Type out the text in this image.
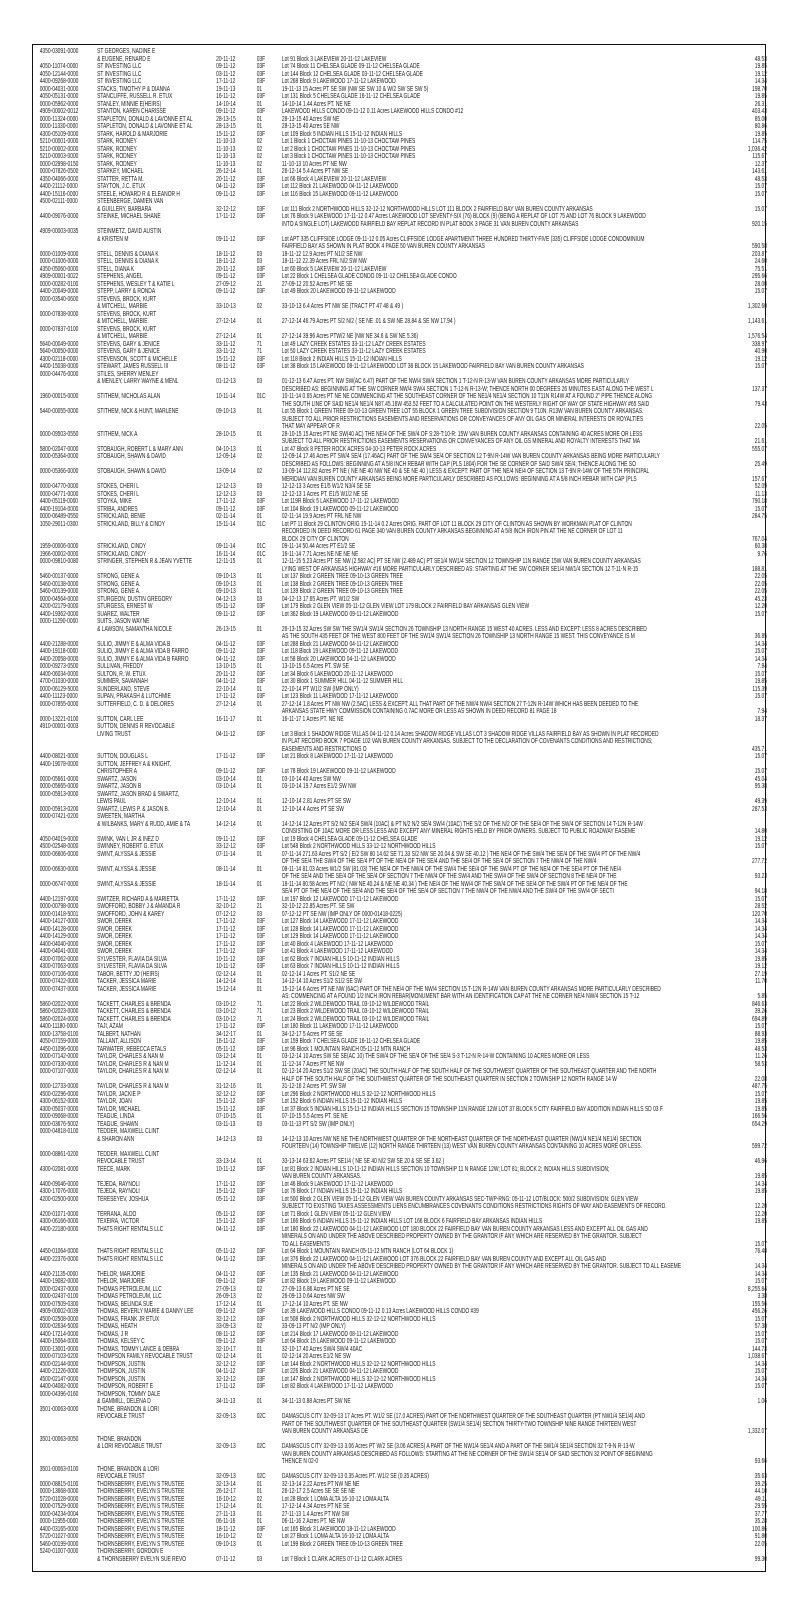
4350-03091-0000	ST GEORGES, NADINE E
& EUGENE, RENARD E	20-11-12	03F	Lot 91 Block 3 LAKEVIEW 20-11-12 LAKEVIEW	48.53
4050-11074-0000	ST INVESTING LLC	09-11-12	03F	Lot 74 Block 11 CHELSEA GLADE 09-11-12 CHELSEA GLADE	19.85
4050-12144-0000	ST INVESTING LLC	03-11-12	03F	Lot 144 Block 12 CHELSEA GLADE 03-11-12 CHELSEA GLADE	19.12
4400-09268-0000	ST INVESTING LLC	17-11-12	03F	Lot 268 Block 9 LAKEWOOD 17-11-12 LAKEWOOD	14.34
0000-04031-0000	STACKS, TIMOTHY P & DIANNA	19-11-13	01	19-11-13 15 Acres PT SE SW (NW SE SW 10 & W/2 SW SE SW 5)	198.70
4050-05131-0000	STANCLIFFE, RUSSELL R. ETUX	16-11-12	03F	Lot 131 Block 5 CHELSEA GLADE 16-11-12 CHELSEA GLADE	19.85
0000-05962-0000	STANLEY, MINNIE E(HEIRS)	14-10-14	01	14-10-14 1.44 Acres PT. NE NE	26.31
4909-00002-0012	STANTON, KAREN CHARISSE	09-11-12	03F	LAKEWOOD HILLS CONDO 09-11-12 0.11 Acres LAKEWOOD HILLS CONDO #12	403.43
0000-11324-0000	STAPLETON, DONALD & LAVONNE ET AL	28-13-15	01	28-13-15 40 Acres SW NE	85.00
0000-11330-0000	STAPLETON, DONALD & LAVONNE ET AL	28-13-15	01	28-13-15 40 Acres SE NW	80.86
4300-05109-0000	STARK, HAROLD & MARJORIE	15-11-12	03F	Lot 109 Block 5 INDIAN HILLS 15-11-12 INDIAN HILLS	19.85
5210-00001-0000	STARK, RODNEY	11-10-13	02	Lot 1 Block 1 CHOCTAW PINES 11-10-13 CHOCTAW PINES	114.75
5210-00002-0000	STARK, RODNEY	11-10-13	02	Lot 2 Block 1 CHOCTAW PINES 11-10-13 CHOCTAW PINES	1,036.42
5210-00003-0000	STARK, RODNEY	11-10-13	02	Lot 3 Block 1 CHOCTAW PINES 11-10-13 CHOCTAW PINES	115.67
0000-02998-0150	STARK, RODNEY	11-10-13	02	11-10-13 10 Acres PT NE NW	12.37
0000-07826-0500	STARKEY, MICHAEL	26-12-14	01	26-12-14 5.4 Acres PT NW SE	143.61
4350-04066-0000	STATTER, RETTA M.	20-11-12	03F	Lot 66 Block 4 LAKEVIEW 20-11-12 LAKEVIEW	48.53
4400-21112-0000	STAYTON, J.C. ETUX	04-11-12	03F	Lot 112 Block 21 LAKEWOOD 04-11-12 LAKEWOOD	15.07
4400-15116-0000	STEELE, HOWARD R & ELEANOR H	09-11-12	03F	Lot 116 Block 15 LAKEWOOD 09-11-12 LAKEWOOD	15.07
4500-02111-0000	STEENBERGE, DAMIEN VAN
& GUILLERY, BARBARA	32-12-12	03F	Lot 111 Block 2 NORTHWOOD HILLS 32-12-12 NORTHWOOD HILLS LOT 111 BLOCK 2 FAIRFIELD BAY VAN BUREN COUNTY ARKANSAS	15.07
4400-09076-0000	STEINKE, MICHAEL SHANE	17-11-12	03F	Lot 76 Block 9 LAKEWOOD 17-11-12 0.47 Acres LAKEWOOD LOT SEVENTY-SIX (76) BLOCK (9) (BEING A REPLAT OF LOT 75 AND LOT 76 BLOCK 9 LAKEWOOD
INTO A SINGLE LOT) LAKEWOOD FAIRFIELD BAY REPLAT RECORD IN PLAT BOOK 3 PAGE 31 VAN BUREN COUNTY ARKANSAS	920.15
4909-00003-0035	STEINMETZ, DAVID AUSTIN
& KRISTEN M	09-11-12	03F	Lot APT 335 CLIFFSIDE LODGE 09-11-12 0.05 Acres CLIFFSIDE LODGE APARTMENT THREE HUNDRED THIRTY-FIVE (335) CLIFFSIDE LODGE CONDOMINIUM
FAIRFIELD BAY AS SHOWN IN PLAT BOOK 4 PAGE 50 VAN BUREN COUNTY ARKANSAS	590.58
0000-01009-0000	STELL, DENNIS & DIANA K	18-11-12	03	18-11-12 12.9 Acres PT N1/2 SE NW	203.87
0000-01006-0000	STELL, DENNIS & DIANA K	18-11-12	03	18-11-12 22.39 Acres FRL N/2 SW NW	24.60
4350-05060-0000	STELL, DIANA K	20-11-12	03F	Lot 60 Block 5 LAKEVIEW 20-11-12 LAKEVIEW	75.51
4909-00001-0022	STEPHENS, ANGEL	09-11-12	03F	Lot 22 Block 1 CHELSEA GLADE CONDO 09-11-12 CHELSEA GLADE CONDO	295.66
0000-00282-0100	STEPHENS, WESLEY T & KATIE L	27-09-12	21	27-09-12 20.52 Acres PT NE SE	28.00
4400-20049-0000	STEPP, LARRY & RONDA	09-11-12	03F	Lot 49 Block 20 LAKEWOOD 09-11-12 LAKEWOOD	15.07
0000-03540-0600	STEVENS, BROCK, KURT
& MITCHELL, MARBIE	33-10-13	02	33-10-13 6.4 Acres PT NW SE (TRACT PT 47 48 & 49 )	1,302.60
0000-07838-0000	STEVENS, BROCK, KURT
& MITCHELL, MARBIE	27-12-14	01	27-12-14 46.79 Acres PT S/2 N/2 ( SE NE .01 & SW NE 28.84 & SE NW 17.94 )	1,143.61
0000-07837-0100	STEVENS, BROCK, KURT
& MITCHELL, MARBIE	27-12-14	01	27-12-14 39.96 Acres PTW/2 NE (NW NE 34.6 & SW NE 5.36)	1,576.54
5640-00049-0000	STEVENS, GARY & JENICE	33-11-12	71	Lot 49 LAZY CREEK ESTATES 33-11-12 LAZY CREEK ESTATES	338.97
5640-00050-0000	STEVENS, GARY & JENICE	33-11-12	71	Lot 50 LAZY CREEK ESTATES 33-11-12 LAZY CREEK ESTATES	40.90
4300-02118-0000	STEVENSON, SCOTT & MICHELLE	15-11-12	03F	Lot 118 Block 2 INDIAN HILLS 15-11-12 INDIAN HILLS	19.12
4400-15038-0000	STEWART, JAMES RUSSELL III	08-11-12	03F	Lot 38 Block 15 LAKEWOOD 08-11-12 LAKEWOOD LOT 38 BLOCK 15 LAKEWOOD FAIRFIELD BAY VAN BUREN COUNTY ARKANSAS	15.07
0000-04476-0000	STILES, SHERRY MENLEY
& MENLEY, LARRY WAYNE & MENL	01-12-13	03	01-12-13 6.47 Acres PT. NW SW(AC 6.47) PART OF THE NW/4 SW/4 SECTION 1 T-12-N R-13-W VAN BUREN COUNTY ARKANSAS MORE PARTICULARLY
DESCRIBED AS: BEGINNING AT THE SW CORNER NW/4 SW/4 SECTION 1 T-12-N R-13-W; THENCE NORTH 00 DEGREES 26 MINUTES EAST ALONG THE WEST L	137.37
1960-00015-0000	STITHEM, NICHOLAS ALAN	10-11-14	01C	10-11-14 0.65 Acres PT NE NE COMMENCING AT THE SOUTHEAST CORNER OF THE NE1/4 NE1/4 SECTION 10 T11N R14W AT A FOUND 2" PIPE THENCE ALONG
THE SOUTH LINE OF SAID NE1/4 NE1/4 N87.45.16W 453.52 FEET TO A CALCULATED POINT ON THE WESTERLY RIGHT OF WAY OF STATE HIGHWAY #65 SAID	79.43
5440-00055-0000	STITHEM, NICK & HUNT, MARLENE	09-10-13	01	Lot 55 Block 1 GREEN TREE 09-10-13 GREEN TREE LOT 55 BLOCK 1 GREEN TREE SUBDIVISION SECTION 9 T10N. R13W VAN BUREN COUNTY ARKANSAS.
SUBJECT TO ALL PRIOR RESTRICTIONS EASEMENTS AND RESERVATIONS OR CONVEYANCES OF ANY OIL GAS OR MINERAL INTERESTS OR ROYALTIES
THAT MAY APPEAR OF R	22.05
0000-09503-0550	STITHEM, NICK A	28-10-15	01	28-10-15 15 Acres PT NE SW(40 AC) THE NE/4 OF THE SW/4 OF S:28-T:10-R: 15W VAN BUREN COUNTY ARKANSAS CONTAINING 40 ACRES MORE OR LESS
SUBJECT TO ALL PRIOR RESTRICTIONS EASEMENTS RESERVATIONS OR CONVEYANCES OF ANY OIL GS MINERAL AND ROYALTY INTERESTS THAT MA	21.61
5800-02047-0000	STOBAUGH, ROBERT L & MARY ANN	04-10-13	01	Lot 47 Block 8 PETER ROCK ACRES 04-10-13 PETER ROCK ACRES	555.07
0000-05364-0000	STOBAUGH, SHAWN & DAVID	12-09-14	02	12-09-14 17.46 Acres PT SW/4 SE/4 (17.46AC) PART OF THE SW/4 SE/4 OF SECTION 12 T-9N R-14W VAN BUREN COUNTY ARKANSAS BEING MORE PARTICULARLY
DESCRIBED AS FOLLOWS: BEGINNING AT A 5/8 INCH REBAR WITH CAP (PLS 1804) FOR THE SE CORNER OF SAID SW/4 SE/4; THENCE ALONG THE SO	25.49
0000-05366-0000	STOBAUGH, SHAWN & DAVID	13-09-14	02	13-09-14 112.82 Acres PT NE ( NE NE 40 NW NE 40 & SE NE 40 ) LESS & EXCEPT: PART OF THE NE/4 NE/4 OF SECTION 13 T-9N R-14W OF THE 5TH PRINCIPAL
MERIDIAN VAN BUREN COUNTY ARKANSAS BEING MORE PARTICULARLY DESCRIBED AS FOLLOWS: BEGINNING AT A 5/8 INCH REBAR WITH CAP (PLS	157.67
0000-04770-0000	STOKES, CHERI L	12-12-13	03	12-12-13 3 Acres E1/5 W1/2 N3/4 SE SE	52.09
0000-04771-0000	STOKES, CHERI L	12-12-13	03	12-12-13 1 Acres PT. E1/5 W1/2 NE SE	11.13
4400-05119-0000	STOYKA, MIKE	17-11-12	03F	Lot 119R Block 5 LAKEWOOD 17-11-12 LAKEWOOD	790.18
4400-19104-0000	STRIBA, ANDRES	09-11-12	03F	Lot 104 Block 19 LAKEWOOD 09-11-12 LAKEWOOD	15.07
0000-06489-0550	STRICKLAND, BENIE	02-11-14	01	02-11-14 19.9 Acres PT FRL NE NW	284.75
1050-29011-0300	STRICKLAND, BILLY & CINDY	15-11-14	01C	Lot PT 11 Block 29 CLINTON ORIG 15-11-14 0.2 Acres ORIG. PART OF LOT 11 BLOCK 29 CITY OF CLINTON AS SHOWN BY WORKMAN PLAT OF CLINTON
RECORDED IN DEED RECORD 61 PAGE 340 VAN BUREN COUNTY ARKANSAS BEGINNING AT A 5/8 INCH IRON PIN AT THE NE CORNER OF LOT 11
BLOCK 29 CITY OF CLINTON	767.04
1959-00006-0000	STRICKLAND, CINDY	09-11-14	01C	09-11-14 50.44 Acres PT E1/2 SE	60.38
1966-00002-0000	STRICKLAND, CINDY	16-11-14	01C	16-11-14 7.71 Acres NE NE NE NE	9.76
0000-09810-0080	STRINGER, STEPHEN R & JEAN YVETTE	12-11-15	01	12-11-15 5.23 Acres PT SE NW (2.582 AC) PT SE NW (2.489 AC) PT SE1/4 NW1/4 SECTION 12 TOWNSHIP 11N RANGE 15W VAN BUREN COUNTY ARKANSAS
LYING WEST OF ARKANSAS HIGHWAY #16 MORE PARTICULARLY DESCRIBED AS: STARTING AT THE SW CORNER SE1/4 NW1/4 SECTION 12 T-11-N R-15	188.81
5460-00137-0000	STRONG, GENE A.	09-10-13	01	Lot 137 Block 2 GREEN TREE 09-10-13 GREEN TREE	22.05
5460-00138-0000	STRONG, GENE A.	09-10-13	01	Lot 138 Block 2 GREEN TREE 09-10-13 GREEN TREE	22.05
5460-00139-0000	STRONG, GENE A.	09-10-13	01	Lot 139 Block 2 GREEN TREE 09-10-13 GREEN TREE	22.05
0000-04564-0000	STURGEON, DUSTIN GREGORY	04-12-13	03	04-12-13 17.65 Acres PT. W1/2 SW	45.23
4200-02179-0000	STURGESS, ERNEST W	05-11-12	03F	Lot 179 Block 2 GLEN VIEW 05-11-12 GLEN VIEW LOT 179 BLOCK 2 FAIRFIELD BAY ARKANSAS GLEN VIEW	12.20
4400-19362-0000	SUAREZ, WALTER	09-11-12	03F	Lot 362 Block 19 LAKEWOOD 09-11-12 LAKEWOOD	15.07
0000-11290-0000	SUITS, JASON WAYNE
& LAWSON, SAMANTHA NICOLE	26-13-15	01	26-13-15 32 Acres SW SW THE SW1/4 SW1/4 SECTION 26 TOWNSHIP 13 NORTH RANGE 15 WEST 40 ACRES. LESS AND EXCEPT: LESS 8 ACRES DESCRIBED
AS THE SOUTH 435 FEET OF THE WEST 800 FEET OF THE SW1/4 SW1/4 SECTION 26 TOWNSHIP 13 NORTH RANGE 15 WEST. THIS CONVEYANCE IS M	36.85
4400-21288-0000	SULIO, JIMMY E & ALMA VIDA B	04-11-12	03F	Lot 288 Block 21 LAKEWOOD 04-11-12 LAKEWOOD	14.34
4400-19118-0000	SULIO, JIMMY E & ALMA VIDA B FARRO	09-11-12	03F	Lot 118 Block 19 LAKEWOOD 09-11-12 LAKEWOOD	15.07
4400-20058-0000	SULIO, JIMMY E & ALMA VIDA B FARRO	04-11-12	03F	Lot 58 Block 20 LAKEWOOD 04-11-12 LAKEWOOD	14.34
0000-09273-0500	SULLIVAN, FREDDY	13-10-15	01	13-10-15 6.5 Acres PT. SW SE	7.94
4400-06034-0000	SULTON, R. W. ETUX	20-11-12	03F	Lot 34 Block 6 LAKEWOOD 20-11-12 LAKEWOOD	15.07
4700-01030-0000	SUMMER, SAVANNAH	04-11-12	03F	Lot 30 Block 1 SUMMER HILL 04-11-12 SUMMER HILL	19.85
0000-06129-5000	SUNDERLAND, STEVE	22-10-14	01	22-10-14 PT W1/2 SW (IMP ONLY)	115.39
4400-11123-0000	SUPAN, PRAKASH & LUTCHMIE	17-11-12	03F	Lot 123 Block 11 LAKEWOOD 17-11-12 LAKEWOOD	15.07
0000-07855-0000	SUTTERFIELD, C. D. & DELORES	27-12-14	01	27-12-14 1.8 Acres PT NW NW (2.5AC) LESS & EXCEPT: ALL THAT PART OF THE NW/4 NW/4 SECTION 27 T-12N R-14W WHICH HAS BEEN DEEDED TO THE
ARKANSAS STATE HWY COMMISSION CONTAINING 0.7AC MORE OR LESS AS SHOWN IN DEED RECORD 81 PAGE 18	7.94
0000-13221-0100	SUTTON, CARL LEE	16-11-17	01	16-11-17 1 Acres PT. NE NE	18.37
4910-00001-0003	SUTTON, DENNIS R REVOCABLE
LIVING TRUST	04-11-12	03F	Lot 3 Block 1 SHADOW RIDGE VILLAS 04-11-12 0.14 Acres SHADOW RIDGE VILLAS LOT 3 SHADOW RIDGE VILLAS FAIRFIELD BAY AS SHOWN IN PLAT RECORDED
IN PLAT RECORD BOOK 7 POAGE 102 VAN BUREN COUNTY ARKANSAS. SUBJECT TO THE DECLARATION OF COVENANTS CONDITIONS AND RESTRICTIONS;
EASEMENTS AND RESTRICTIONS O	435.71
4400-08021-0000	SUTTON, DOUGLAS L	17-11-12	03F	Lot 21 Block 8 LAKEWOOD 17-11-12 LAKEWOOD	15.07
4400-19078-0000	SUTTON, JEFFREY A & KNIGHT,
CHRISTOPHER A	09-11-12	03F	Lot 78 Block 19 LAKEWOOD 09-11-12 LAKEWOOD	15.07
0000-05661-0000	SWARTZ, JASON	03-10-14	01	03-10-14 40 Acres SW NW	45.04
0000-05665-0000	SWARTZ, JASON B	03-10-14	01	03-10-14 19.7 Acres E1/2 SW NW	95.38
0000-05913-0000	SWARTZ, JASON BRAD & SWARTZ,
LEWIS PAUL	12-10-14	01	12-10-14 2.81 Acres PT SE SW	49.39
0000-05913-0200	SWARTZ, LEWIS P. & JASON B.	12-10-14	01	12-10-14 4 Acres PT SE SW	287.53
0000-07421-0200	SWEETEN, MARTHA
& WILBANKS, MARY & RUDD, AMIE & TA	14-12-14	01	14-12-14 12 Acres PT S/2 N/2 SE/4 SW/4 (10AC) & PT N/2 N/2 SE/4 SW/4 (10AC) THE S/2 OF THE N/2 OF THE SE/4 OF THE SW/4 OF SECTION 14 T-12N R-14W
CONSISTING OF 10AC MORE OR LESS LESS AND EXCEPT ANY MINERAL RIGHTS HELD BY PRIOR OWNERS. SUBJECT TO PUBLIC ROADWAY EASEME	14.80
4050-04019-0000	SWINK, VAN L JR & INEZ D	09-11-12	03F	Lot 19 Block 4 CHELSEA GLADE 09-11-12 CHELSEA GLADE	19.12
4500-02548-0000	SWINNEY, ROBERT G. ETUX	33-12-12	03F	Lot 548 Block 2 NORTHWOOD HILLS 33-12-12 NORTHWOOD HILLS	15.07
0000-06606-0000	SWINT, ALYSSA & JESSIE	07-11-14	01	07-11-14 271.63 Acres PT S/2 ( E/2 SW 80 14.62 SE 71.33 S/2 NW SE 20.04 & SW SE 40.12 ) THE NE/4 OF THE SW/4 THE SE/4 OF THE SW/4 PT OF THE NW/4
OF THE SE/4 THE SW/4 OF THE SE/4 PT OF THE NE/4 OF THE SE/4 AND THE SE/4 OF THE SE/4 OF SECTION 7 THE NW/4 OF THE NW/4	277.72
0000-06630-0000	SWINT, ALYSSA & JESSIE	08-11-14	01	08-11-14 81.03 Acres W1/2 SW (81.03) THE NE/4 OF THE NW/4 OF THE SW/4 THE SE/4 OF THE SW/4 PT OF THE NE/4 OF THE SE/4 PT OF THE NE/4
OF THE SE/4 AND THE SE/4 OF THE SE/4 OF SECTION 7 THE NW/4 OF THE SW/4 AND THE SW/4 OF THE SW/4 OF SECTION 8 THE NE/4 OF THE	93.23
0000-06747-0000	SWINT, ALYSSA & JESSIE	18-11-14	01	18-11-14 80.58 Acres PT N/2 ( NW NE 40.24 & NE NE 40.34 ) THE NE/4 OF THE NW/4 OF THE SW/4 OF THE SE/4 OF THE SW/4 PT OF THE NE/4 OF THE
SE/4 PT OF THE NE/4 OF THE SE/4 AND THE SE/4 OF THE SE/4 OF SECTION 7 THE NW/4 OF THE NW/4 AND THE SW/4 OF THE SW/4 OF SECTI	94.18
4400-12197-0000	SWITZER, RICHARD A & MARIETTA	17-11-12	03F	Lot 197 Block 12 LAKEWOOD 17-11-12 LAKEWOOD	15.07
0000-00798-0000	SWOFFORD, BOBBY J & AMANDA R	32-10-12	21	32-10-12 22.85 Acres PT. SE SW	28.52
0000-01418-5001	SWOFFORD, JOHN & KAREY	07-12-12	03	07-12-12 PT SE NW (IMP ONLY OF 0000-01418-0225)	120.70
4400-14127-0000	SWOR, DEREK	17-11-12	03F	Lot 127 Block 14 LAKEWOOD 17-11-12 LAKEWOOD	14.34
4400-14128-0000	SWOR, DEREK	17-11-12	03F	Lot 128 Block 14 LAKEWOOD 17-11-12 LAKEWOOD	14.34
4400-14129-0000	SWOR, DEREK	17-11-12	03F	Lot 129 Block 14 LAKEWOOD 17-11-12 LAKEWOOD	14.34
4400-04040-0000	SWOR, DEREK	17-11-12	03F	Lot 40 Block 4 LAKEWOOD 17-11-12 LAKEWOOD	15.07
4400-04041-0000	SWOR, DEREK	17-11-12	03F	Lot 41 Block 4 LAKEWOOD 17-11-12 LAKEWOOD	14.34
4300-07062-0000	SYLVESTER, FLAVIA DA SILVA	10-11-12	03F	Lot 62 Block 7 INDIAN HILLS 10-11-12 INDIAN HILLS	19.85
4300-07063-0000	SYLVESTER, FLAVIA DA SILVA	10-11-12	03F	Lot 63 Block 7 INDIAN HILLS 10-11-12 INDIAN HILLS	19.12
0000-07106-0000	TABOR, BETTY JO (HEIRS)	02-12-14	01	02-12-14 1 Acres PT. S1/2 NE SE	27.19
0000-07422-0000	TACKER, JESSICA MARIE	14-12-14	01	14-12-14 10 Acres S1/2 S1/2 SE SW	11.70
0000-07437-0000	TACKER, JESSICA MARIE	15-12-14	01	15-12-14 6 Acres PT NE NW (6AC) PART OF THE NE/4 OF THE NW/4 SECTION 15 T-12N R-14W VAN BUREN COUNTY ARKANSAS MORE PARTICULARLY DESCRIBED
AS: COMMENCING AT A FOUND 1/2 INCH IRON REBAR(MONUMENT BAR WITH AN IDENTIFICATION CAP AT THE NE CORNER NE/4 NW/4 SECTION 15 T-12	5.85
5860-02022-0000	TACKETT, CHARLES & BRENDA	03-10-12	71	Lot 22 Block 2 WILDEWOOD TRAIL 03-10-12 WILDEWOOD TRAIL	846.63
5860-02023-0000	TACKETT, CHARLES & BRENDA	03-10-12	71	Lot 23 Block 2 WILDEWOOD TRAIL 03-10-12 WILDEWOOD TRAIL	39.26
5860-02024-0000	TACKETT, CHARLES & BRENDA	03-10-12	71	Lot 24 Block 2 WILDEWOOD TRAIL 03-10-12 WILDEWOOD TRAIL	694.89
4400-11180-0000	TAJI, AZAM	17-11-12	03F	Lot 180 Block 11 LAKEWOOD 17-11-12 LAKEWOOD	15.07
0000-13758-0100	TALBERT, NATHAN	34-12-17	01	34-12-17 5 Acres PT SE SE	88.93
4050-07159-0000	TALLANT, ALLISON	16-11-12	03F	Lot 159 Block 7 CHELSEA GLADE 16-11-12 CHELSEA GLADE	19.85
4450-01096-0000	TARWATER, REBECCA ETALS	05-11-12	03F	Lot 96 Block 1 MOUNTAIN RANCH 05-11-12 MTN RANCH	48.53
0000-07142-0000	TAYLOR, CHARLES & NAN M	03-12-14	01	03-12-14 10 Acres SW SE SE(AC 10) THE SW/4 OF THE SE/4 OF THE SE/4 S-3 T-12-N R-14-W CONTAINING 10 ACRES MORE OR LESS	11.26
0000-07330-0000	TAYLOR, CHARLES R & NAN M	11-12-14	01	11-12-14 7 Acres PT NE NW	58.53
0000-07107-0000	TAYLOR, CHARLES R & NAN M	02-12-14	01	02-12-14 20 Acres S1/2 SW SE (20AC) THE SOUTH HALF OF THE SOUTH HALF OF THE SOUTHWEST QUARTER OF THE SOUTHEAST QUARTER AND THE NORTH
HALF OF THE SOUTH HALF OF THE SOUTHWEST QUARTER OF THE SOUTHEAST QUARTER IN SECTION 2 TOWNSHIP 12 NORTH RANGE 14 W	22.08
0000-12733-0000	TAYLOR, CHARLES R & NAN M	31-12-16	01	31-12-16 2 Acres PT. SW SW	487.75
4500-02296-0000	TAYLOR, JACKIE P	32-12-12	03F	Lot 296 Block 2 NORTHWOOD HILLS 32-12-12 NORTHWOOD HILLS	15.07
4300-06152-0000	TAYLOR, JOAN	15-11-12	03F	Lot 152 Block 6 INDIAN HILLS 15-11-12 INDIAN HILLS	19.85
4300-05037-0000	TAYLOR, MICHAEL	15-11-12	03F	Lot 37 Block 5 INDIAN HILLS 15-11-12 INDIAN HILLS SECTION 15 TOWNSHIP 11N RANGE 12W LOT 37 BLOCK 5 CITY FAIRFIELD BAY ADDITION INDIAN HILLS SD 03 F	19.85
0000-09068-0000	TEAGUE, LINDA	07-10-15	01	07-10-15 5.5 Acres PT. SE NE	166.56
0000-03676-5002	TEAGUE, SHAWN	03-11-13	03	03-11-13 PT S/2 SW (IMP ONLY)	654.29
0000-04818-0100	TEDDER, MAXWELL CLINT
& SHARON ANN	14-12-13	03	14-12-13 10 Acres NW NE NE THE NORTHWEST QUARTER OF THE NORTHEAST QUARTER OF THE NORTHEAST QUARTER (NW1/4 NE1/4 NE1/4) SECTION
FOURTEEN (14) TOWNSHIP TWELVE (12) NORTH RANGE THIRTEEN (13) WEST VAN BUREN COUNTY ARKANSAS CONTAINING 10 ACRES MORE OR LESS.	599.72
0000-08861-0200	TEDDER, MAXWELL CLINT
REVOCABLE TRUST	33-13-14	01	33-13-14 63.62 Acres PT SE1/4 ( NE SE 40 N/2 SW SE 20 & SE SE 3.62 )	46.96
4300-02081-0000	TEECE, MARK	10-11-12	03F	Lot 81 Block 2 INDIAN HILLS 10-11-12 INDIAN HILLS SECTION 10 TOWNSHIP 11 N RANGE 12W; LOT 81; BLOCK 2; INDIAN HILLS SUBDIVISION;
VAN BUREN COUNTY ARKANSAS.	19.85
4400-09046-0000	TEJEDA, RAYNOLI	17-11-12	03F	Lot 46 Block 9 LAKEWOOD 17-11-12 LAKEWOOD	14.34
4300-17076-0000	TEJEDA, RAYNOLI	15-11-12	03F	Lot 76 Block 17 INDIAN HILLS 15-11-12 INDIAN HILLS	19.85
4200-02500-0000	TERESEYEV, JOSHUA	05-11-12	03F	Lot 500 Block 2 GLEN VIEW 05-11-12 GLEN VIEW VAN BUREN COUNTY ARKANSAS SEC-TWP-RNG: 05-11-12 LOT/BLOCK: 500/2 SUBDIVISION: GLEN VIEW
SUBJECT TO EXISTING TAXES ASSESSMENTS LIENS ENCUMBRANCES COVENANTS CONDITIONS RESTRICTIONS RIGHTS OF WAY AND EASEMENTS OF RECORD.	12.20
4200-01071-0000	TERRANA, ALDO	05-11-12	03F	Lot 71 Block 1 GLEN VIEW 05-11-12 GLEN VIEW	12.20
4300-06166-0000	TEXEIRA, VICTOR	15-11-12	03F	Lot 166 Block 6 INDIAN HILLS 15-11-12 INDIAN HILLS LOT 166 BLOCK 6 FAIRFIELD BAY ARKANSAS INDIAN HILLS	19.85
4400-22180-0000	THATS RIGHT RENTALS LLC	04-11-12	03F	Lot 180 Block 22 LAKEWOOD 04-11-12 LAKEWOOD LOT 180 BLOCK 22 FAIRFIELD BAY VAN BUREN COUNTY ARKANSAS LESS AND EXCEPT ALL OIL GAS AND
MINERALS ON AND UNDER THE ABOVE DESCRIBED PROPERTY OWNED BY THE GRANTOR IF ANY WHICH ARE RESERVED BY THE GRANTOR. SUBJECT
TO ALL EASEMENTS	15.07
4450-01064-0000	THATS RIGHT RENTALS LLC	05-11-12	03F	Lot 64 Block 1 MOUNTAIN RANCH 05-11-12 MTN RANCH (LOT 64 BLOCK 1)	76.48
4400-22376-0000	THATS RIGHT RENTALS LLC	04-11-12	03F	Lot 376 Block 22 LAKEWOOD 04-11-12 LAKEWOOD LOT 376 BLOCK 22 FAIRFIELD BAY VAN BUREN COUNTY AND EXCEPT ALL OIL GAS AND
MINERALS ON AND UNDER THE ABOVE DESCRIBED PROPERTY OWNED BY THE GRANTOR IF ANY WHICH ARE RESERVED BY THE GRANTOR. SUBJECT TO ALL EASEME	14.34
4400-21135-0000	THELOR, MARJORIE	04-11-12	03F	Lot 135 Block 21 LAKEWOOD 04-11-12 LAKEWOOD	14.34
4400-19082-0000	THELOR, MARJORIE	09-11-12	03F	Lot 82 Block 19 LAKEWOOD 09-11-12 LAKEWOOD	15.07
0000-02437-0000	THOMAS PETROLEUM, LLC	27-09-13	02	27-09-13 6.86 Acres PT NE SE	8,255.84
0000-02437-0100	THOMAS PETROLEUM, LLC	26-09-13	02	26-09-13 0.64 Acres NW SW	3.38
0000-07509-0300	THOMAS, BELINDA SUE	17-12-14	01	17-12-14 10 Acres PT. SE NW	155.56
4909-00002-0039	THOMAS, BEVERLY MARIE & DANNY LEE	09-11-12	03F	Lot 39 LAKEWOOD HILLS CONDO 09-11-12 0.13 Acres LAKEWOOD HILLS CONDO #39	456.26
4500-02508-0000	THOMAS, FRANK JR ETUX	32-12-12	03F	Lot 508 Block 2 NORTHWOOD HILLS 32-12-12 NORTHWOOD HILLS	15.07
0000-02634-5000	THOMAS, HEATH	33-09-13	02	33-09-13 PT N/2 (IMP ONLY)	57.38
4400-17214-0000	THOMAS, J R	08-11-12	03F	Lot 214 Block 17 LAKEWOOD 08-11-12 LAKEWOOD	15.07
4400-15064-0000	THOMAS, KELSEY C	09-11-12	03F	Lot 64 Block 15 LAKEWOOD 09-11-12 LAKEWOOD	15.07
0000-13001-0000	THOMAS, TOMMY LANCE & DEBRA	32-10-17	01	32-10-17 40 Acres SW/4 SW/4 40AC	144.73
0000-07103-0200	THOMPSON FAMILY REVOCABLE TRUST	02-12-14	01	02-12-14 20 Acres E1/2 NE SW	1,038.67
4500-02144-0000	THOMPSON, JUSTIN	32-12-12	03F	Lot 144 Block 2 NORTHWOOD HILLS 32-12-12 NORTHWOOD HILLS	14.34
4400-21226-0000	THOMPSON, JUSTIN	04-11-12	03F	Lot 226 Block 21 LAKEWOOD 04-11-12 LAKEWOOD	15.07
4500-02147-0000	THOMPSON, JUSTIN	32-12-12	03F	Lot 147 Block 2 NORTHWOOD HILLS 32-12-12 NORTHWOOD HILLS	14.34
4400-04082-0000	THOMPSON, ROBERT E	17-11-12	03F	Lot 82 Block 4 LAKEWOOD 17-11-12 LAKEWOOD	15.07
0000-04396-0160	THOMPSON, TOMMY DALE
& GAMMILL, DELENA D	34-11-13	01	34-11-13 0.88 Acres PT SW NE	1.06
3501-00063-0000	THONE, BRANDON & LORI
REVOCABLE TRUST	32-09-13	02C	DAMASCUS CITY 32-09-13 17 Acres PT. W1/2 SE (17.0 ACRES) PART OF THE NORTHWEST QUARTER OF THE SOUTHEAST QUARTER (PT NW1/4 SE1/4) AND
PART OF THE SOUTHWEST QUARTER OF THE SOUTHEAST QUARTER (SW1/4 SE1/4) SECTION THIRTY-TWO TOWNSHIP NINE RANGE THIRTEEN WEST
VAN BUREN COUNTY ARKANSAS DE	1,332.07
3501-00063-0050	THONE, BRANDON
& LORI REVOCABLE TRUST	32-09-13	02C	DAMASCUS CITY 32-09-13 3.06 Acres PT W/2 SE (3.06 ACRES) A PART OF THE NW1/4 SE1/4 AND A PART OF THE SW1/4 SE1/4 SECTION 32 T-9-N R-13-W
VAN BUREN COUNTY ARKANSAS DESCRIBED AS FOLLOWS: STARTING AT THE NE CORNER OF THE SW1/4 SE1/4 OF SAID SECTION 32 POINT OF BEGINNING
THENCE N 02-0	93.66
3501-00063-0100	THONE, BRANDON & LORI
REVOCABLE TRUST	32-09-13	02C	DAMASCUS CITY 32-09-13 0.35 Acres PT. W1/2 SE (0.35 ACRES)	35.63
0000-08815-0100	THORNSBERRY, EVELYN S TRUSTEE	32-13-14	01	32-13-14 2.22 Acres PT NW NE NE	39.25
0000-13668-0000	THORNSBERRY, EVELYN S TRUSTEE	26-12-17	01	26-12-17 2.5 Acres SE SE SE NE	44.10
5720-01028-0000	THORNSBERRY, EVELYN S TRUSTEE	16-10-12	02	Lot 28 Block 1 LOMA ALTA 16-10-12 LOMA ALTA	49.11
0000-07529-0000	THORNSBERRY, EVELYN S TRUSTEE	17-12-14	01	17-12-14 4.34 Acres PT NE SE	29.55
0000-04234-0004	THORNSBERRY, EVELYN S TRUSTEE	27-11-13	01	27-11-13 1.4 Acres PT NW SW	37.77
0000-11955-0000	THORNSBERRY, EVELYN S TRUSTEE	06-11-16	01	06-11-16 2 Acres PT. NE NW	35.28
4400-03165-0000	THORNSBERRY, EVELYN S TRUSTEE	18-11-12	03F	Lot 165 Block 3 LAKEWOOD 18-11-12 LAKEWOOD	100.86
5720-01027-0000	THORNSBERRY, EVELYN S TRUSTEE	16-10-12	02	Lot 27 Block 1 LOMA ALTA 16-10-12 LOMA ALTA	91.80
5460-00199-0000	THORNSBERRY, EVELYN S TRUSTEE	09-10-13	01	Lot 199 Block 2 GREEN TREE 09-10-13 GREEN TREE	22.05
5240-01007-0000	THORNSBERRY, GORDON E
& THORNSBERRY EVELYN SUE REVO	07-11-12	03	Lot 7 Block 1 CLARK ACRES 07-11-12 CLARK ACRES	99.30
